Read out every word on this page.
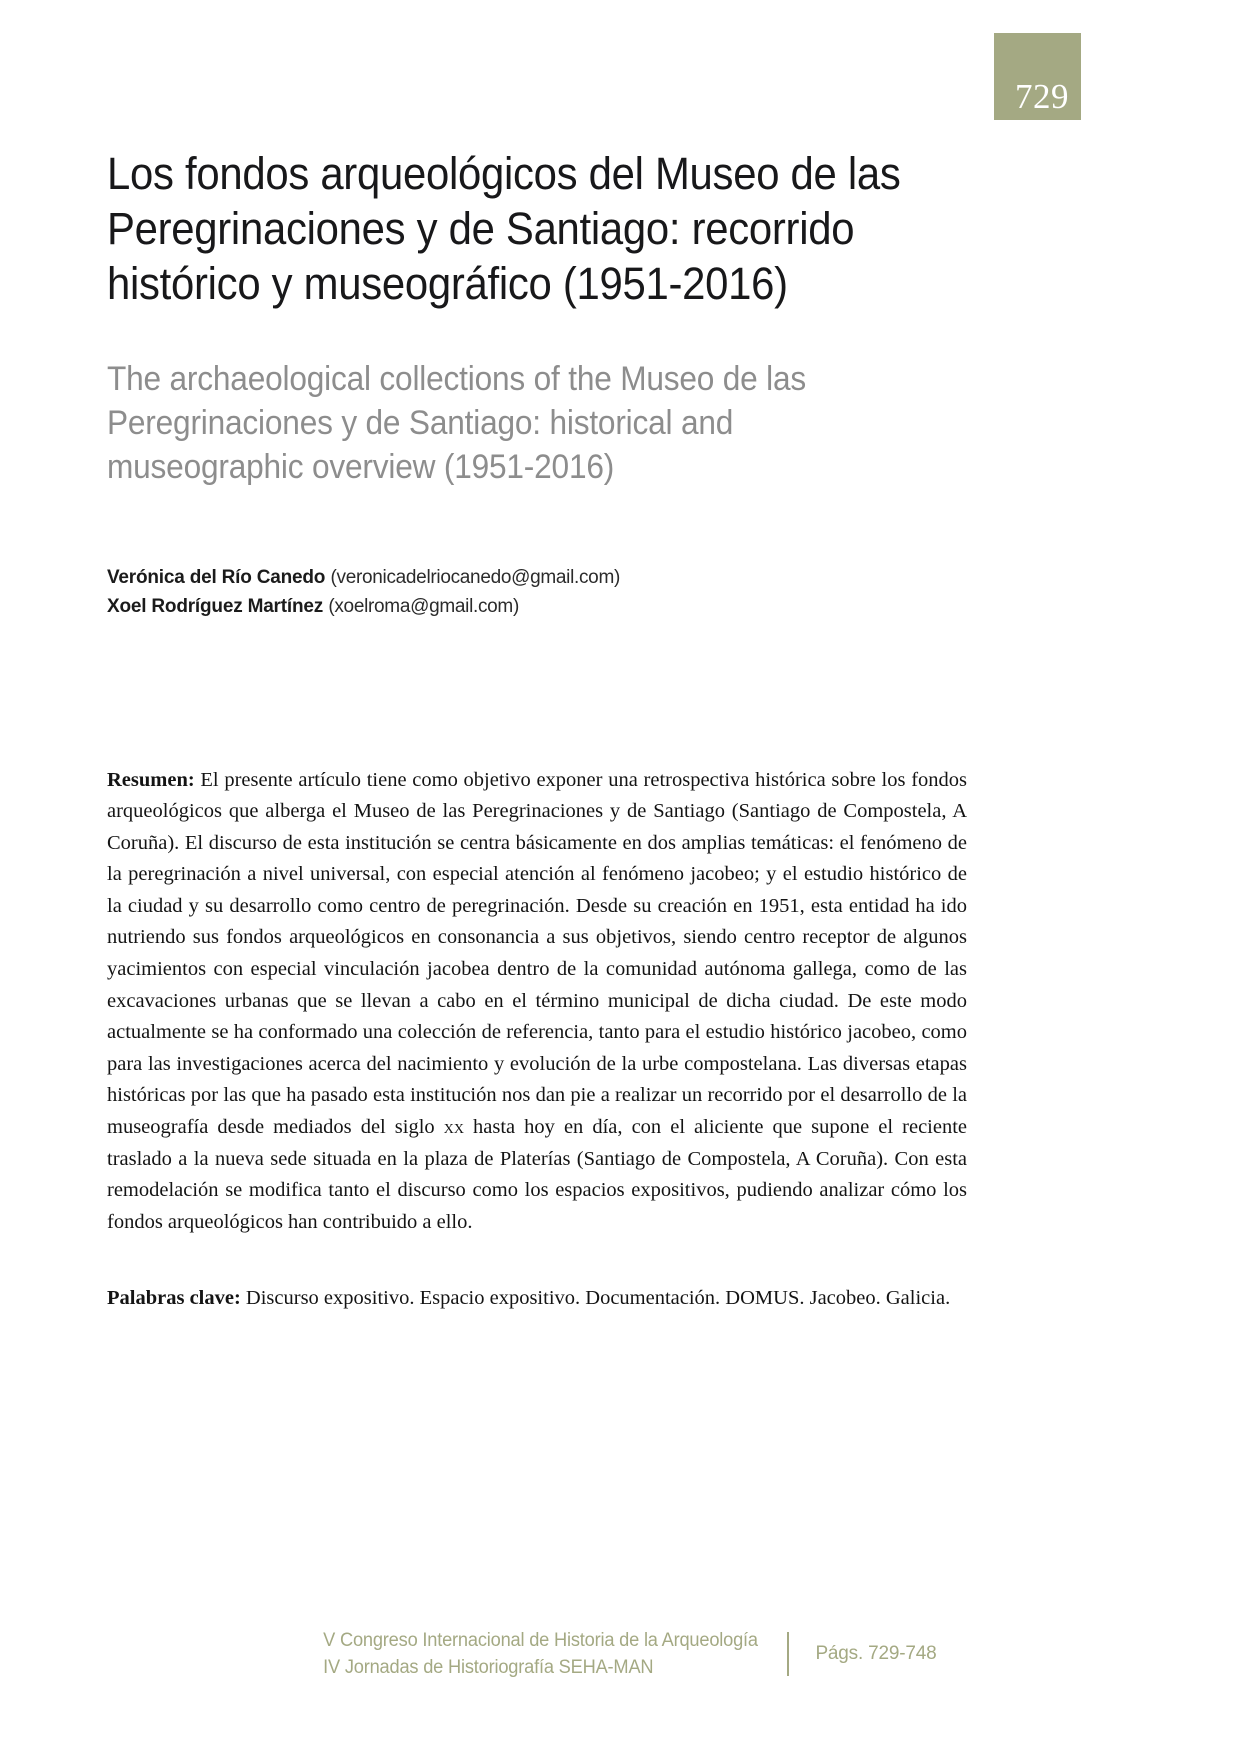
729
Los fondos arqueológicos del Museo de las Peregrinaciones y de Santiago: recorrido histórico y museográfico (1951-2016)
The archaeological collections of the Museo de las Peregrinaciones y de Santiago: historical and museographic overview (1951-2016)
Verónica del Río Canedo (veronicadelriocanedo@gmail.com)
Xoel Rodríguez Martínez (xoelroma@gmail.com)

Resumen: El presente artículo tiene como objetivo exponer una retrospectiva histórica sobre los fondos arqueológicos que alberga el Museo de las Peregrinaciones y de Santiago (Santiago de Compostela, A Coruña). El discurso de esta institución se centra básicamente en dos amplias temáticas: el fenómeno de la peregrinación a nivel universal, con especial atención al fenómeno jacobeo; y el estudio histórico de la ciudad y su desarrollo como centro de peregrinación. Desde su creación en 1951, esta entidad ha ido nutriendo sus fondos arqueológicos en consonancia a sus objetivos, siendo centro receptor de algunos yacimientos con especial vinculación jacobea dentro de la comunidad autónoma gallega, como de las excavaciones urbanas que se llevan a cabo en el término municipal de dicha ciudad. De este modo actualmente se ha conformado una colección de referencia, tanto para el estudio histórico jacobeo, como para las investigaciones acerca del nacimiento y evolución de la urbe compostelana. Las diversas etapas históricas por las que ha pasado esta institución nos dan pie a realizar un recorrido por el desarrollo de la museografía desde mediados del siglo xx hasta hoy en día, con el aliciente que supone el reciente traslado a la nueva sede situada en la plaza de Platerías (Santiago de Compostela, A Coruña). Con esta remodelación se modifica tanto el discurso como los espacios expositivos, pudiendo analizar cómo los fondos arqueológicos han contribuido a ello.

Palabras clave: Discurso expositivo. Espacio expositivo. Documentación. DOMUS. Jacobeo. Galicia.

V Congreso Internacional de Historia de la Arqueología
IV Jornadas de Historiografía SEHA-MAN
Págs. 729-748
